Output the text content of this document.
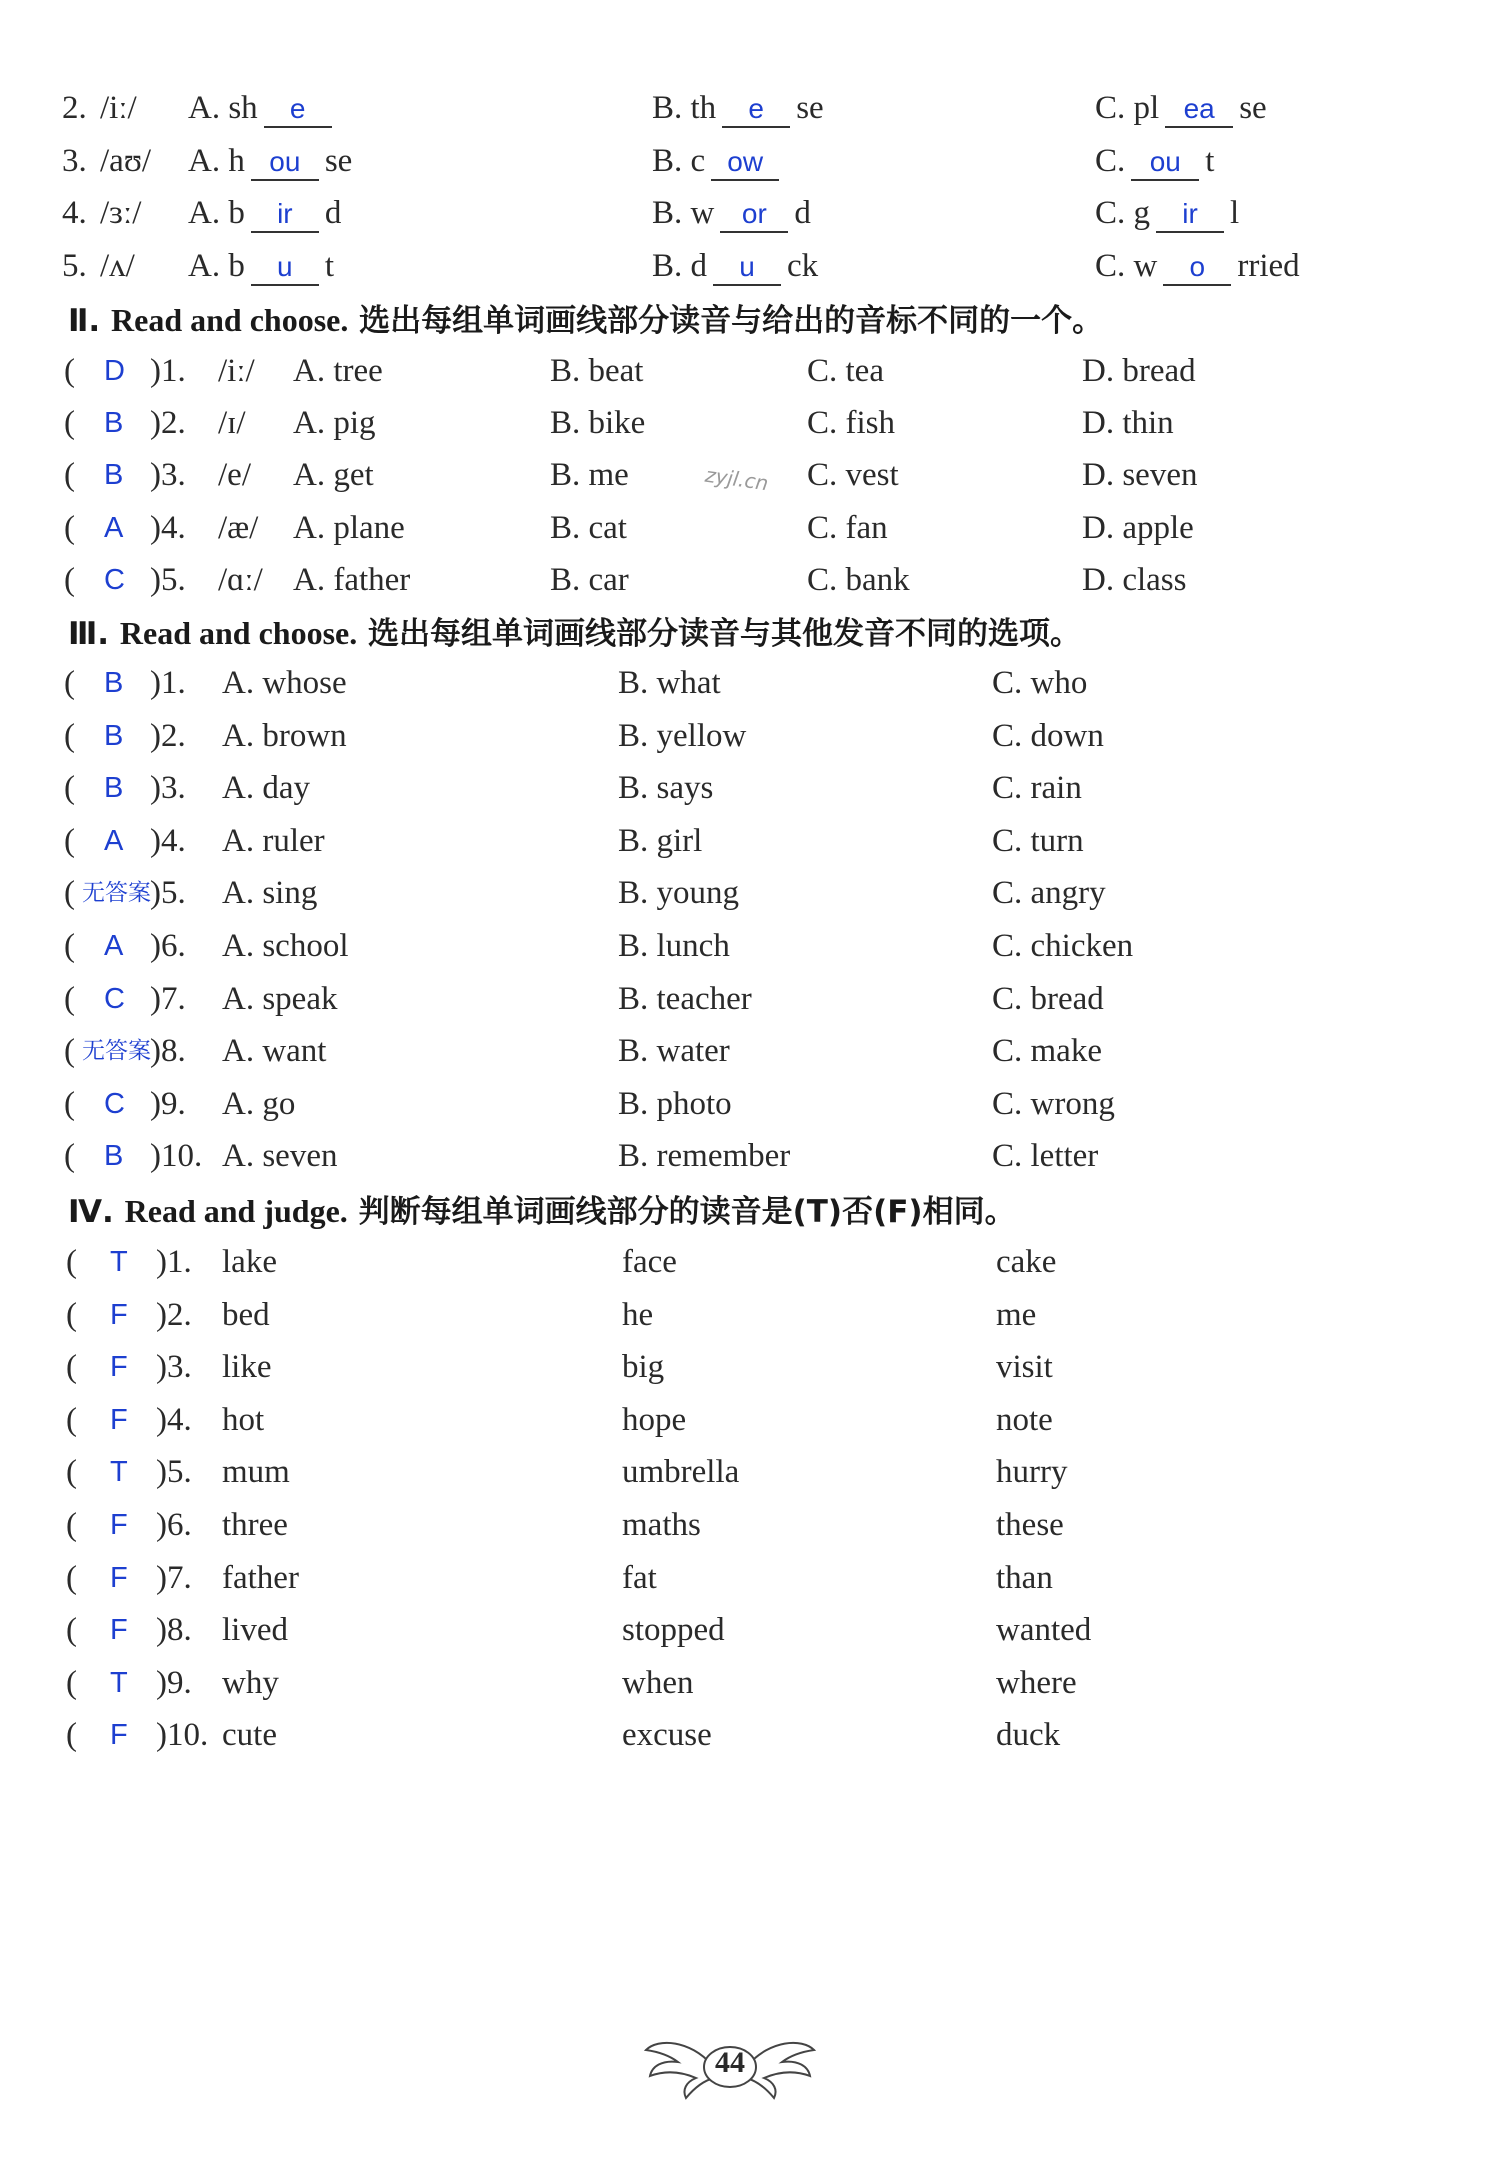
2. /iː/ A. sh e	B. th e se	C. pl ea se
3. /aʊ/ A. h ou se	B. c ow	C. ou t
4. /ɜː/ A. b ir d	B. w or d	C. g ir l
5. /ʌ/ A. b u t	B. d u ck	C. w o rried
Ⅱ. Read and choose. 选出每组单词画线部分读音与给出的音标不同的一个。
( D )1. /iː/ A. tree	B. beat	C. tea	D. bread
( B )2. /ɪ/ A. pig	B. bike	C. fish	D. thin
( B )3. /e/ A. get	B. me	C. vest	D. seven
( A )4. /æ/ A. plane	B. cat	C. fan	D. apple
( C )5. /ɑː/ A. father	B. car	C. bank	D. class
zyjl.cn
Ⅲ. Read and choose. 选出每组单词画线部分读音与其他发音不同的选项。
( B )1. A. whose	B. what	C. who
( B )2. A. brown	B. yellow	C. down
( B )3. A. day	B. says	C. rain
( A )4. A. ruler	B. girl	C. turn
( 无答案 )5. A. sing	B. young	C. angry
( A )6. A. school	B. lunch	C. chicken
( C )7. A. speak	B. teacher	C. bread
( 无答案 )8. A. want	B. water	C. make
( C )9. A. go	B. photo	C. wrong
( B )10. A. seven	B. remember	C. letter
Ⅳ. Read and judge. 判断每组单词画线部分的读音是(T)否(F)相同。
( T )1. lake	face	cake
( F )2. bed	he	me
( F )3. like	big	visit
( F )4. hot	hope	note
( T )5. mum	umbrella	hurry
( F )6. three	maths	these
( F )7. father	fat	than
( F )8. lived	stopped	wanted
( T )9. why	when	where
( F )10. cute	excuse	duck
44
